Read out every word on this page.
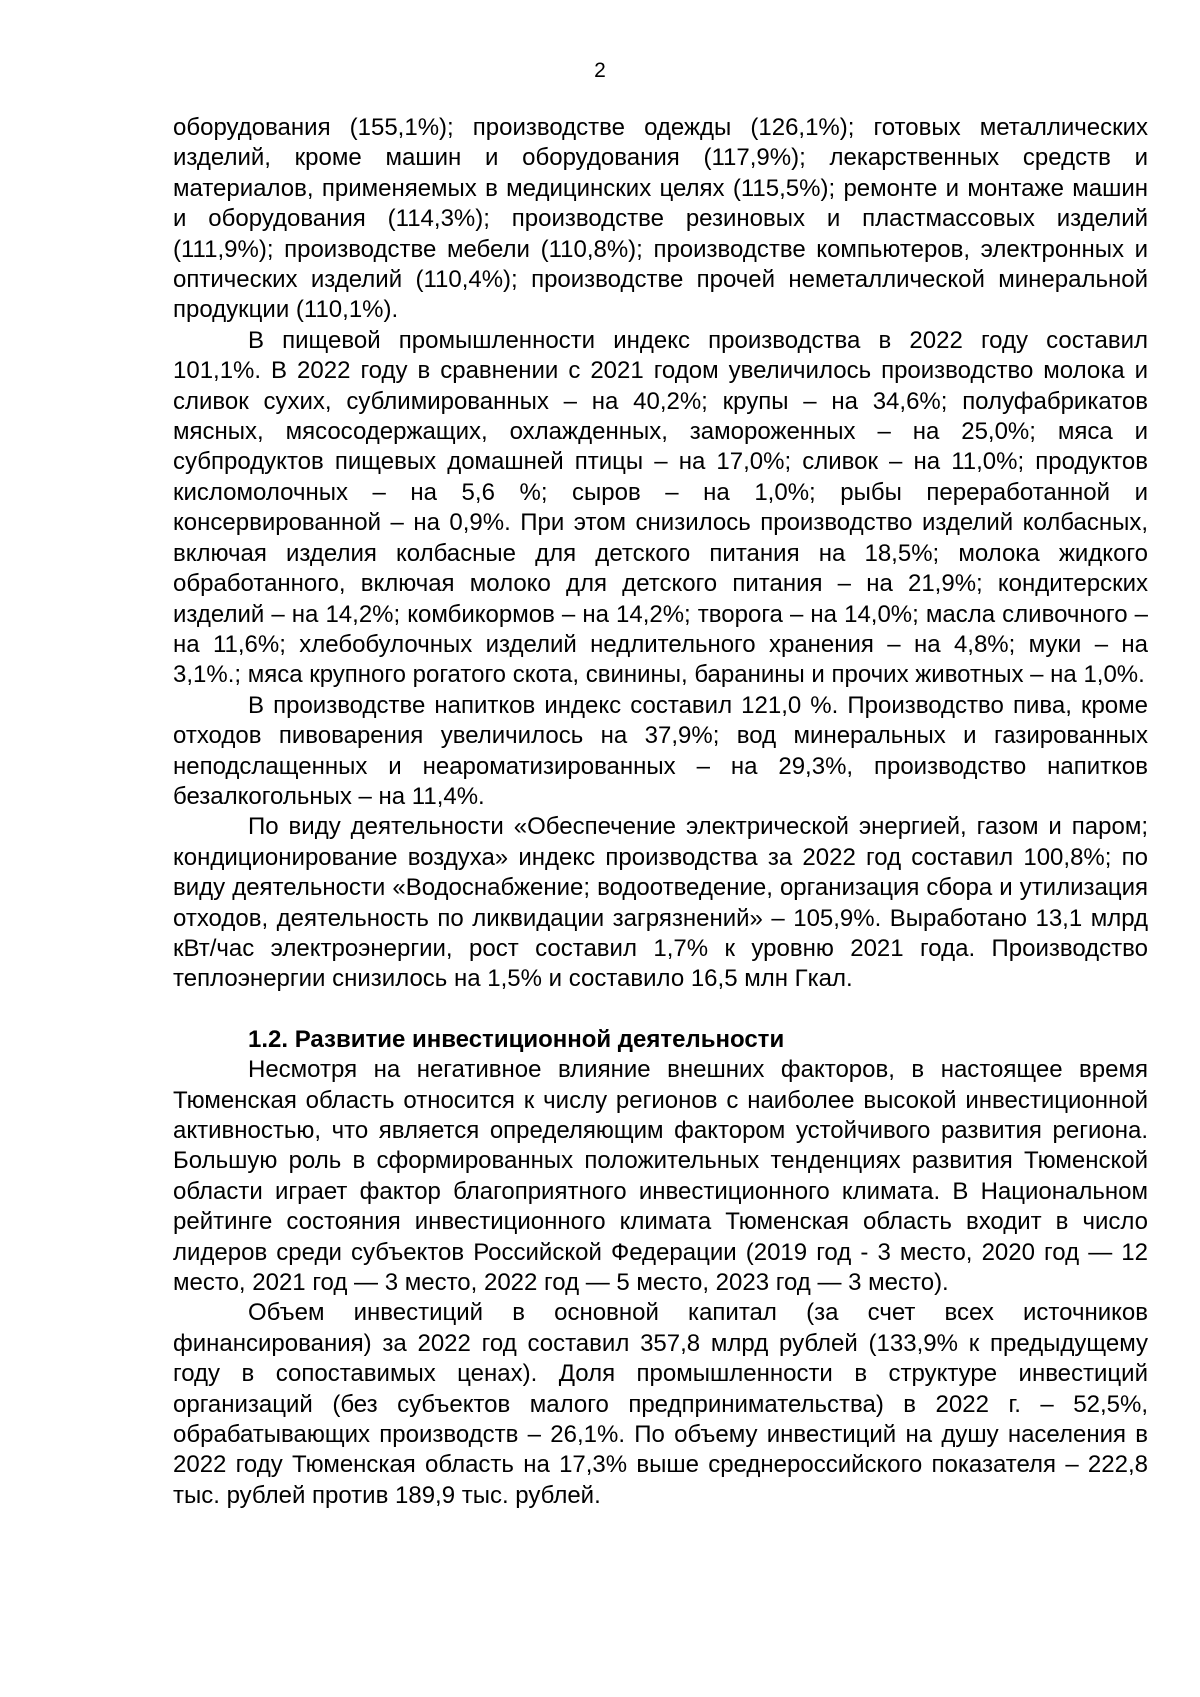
2

оборудования (155,1%); производстве одежды (126,1%); готовых металлических изделий, кроме машин и оборудования (117,9%); лекарственных средств и материалов, применяемых в медицинских целях (115,5%); ремонте и монтаже машин и оборудования (114,3%); производстве резиновых и пластмассовых изделий (111,9%); производстве мебели (110,8%); производстве компьютеров, электронных и оптических изделий (110,4%); производстве прочей неметаллической минеральной продукции (110,1%).

В пищевой промышленности индекс производства в 2022 году составил 101,1%. В 2022 году в сравнении с 2021 годом увеличилось производство молока и сливок сухих, сублимированных – на 40,2%; крупы – на 34,6%; полуфабрикатов мясных, мясосодержащих, охлажденных, замороженных – на 25,0%; мяса и субпродуктов пищевых домашней птицы – на 17,0%; сливок – на 11,0%; продуктов кисломолочных – на 5,6 %; сыров – на 1,0%; рыбы переработанной и консервированной – на 0,9%. При этом снизилось производство изделий колбасных, включая изделия колбасные для детского питания на 18,5%; молока жидкого обработанного, включая молоко для детского питания – на 21,9%; кондитерских изделий – на 14,2%; комбикормов – на 14,2%; творога – на 14,0%; масла сливочного – на 11,6%; хлебобулочных изделий недлительного хранения – на 4,8%; муки – на 3,1%.; мяса крупного рогатого скота, свинины, баранины и прочих животных – на 1,0%.

В производстве напитков индекс составил 121,0 %. Производство пива, кроме отходов пивоварения увеличилось на 37,9%; вод минеральных и газированных неподслащенных и неароматизированных – на 29,3%, производство напитков безалкогольных – на 11,4%.

По виду деятельности «Обеспечение электрической энергией, газом и паром; кондиционирование воздуха» индекс производства за 2022 год составил 100,8%; по виду деятельности «Водоснабжение; водоотведение, организация сбора и утилизация отходов, деятельность по ликвидации загрязнений» – 105,9%. Выработано 13,1 млрд кВт/час электроэнергии, рост составил 1,7% к уровню 2021 года. Производство теплоэнергии снизилось на 1,5% и составило 16,5 млн Гкал.

1.2. Развитие инвестиционной деятельности

Несмотря на негативное влияние внешних факторов, в настоящее время Тюменская область относится к числу регионов с наиболее высокой инвестиционной активностью, что является определяющим фактором устойчивого развития региона. Большую роль в сформированных положительных тенденциях развития Тюменской области играет фактор благоприятного инвестиционного климата. В Национальном рейтинге состояния инвестиционного климата Тюменская область входит в число лидеров среди субъектов Российской Федерации (2019 год - 3 место, 2020 год — 12 место, 2021 год — 3 место, 2022 год — 5 место, 2023 год — 3 место).

Объем инвестиций в основной капитал (за счет всех источников финансирования) за 2022 год составил 357,8 млрд рублей (133,9% к предыдущему году в сопоставимых ценах). Доля промышленности в структуре инвестиций организаций (без субъектов малого предпринимательства) в 2022 г. – 52,5%, обрабатывающих производств – 26,1%. По объему инвестиций на душу населения в 2022 году Тюменская область на 17,3% выше среднероссийского показателя – 222,8 тыс. рублей против 189,9 тыс. рублей.
